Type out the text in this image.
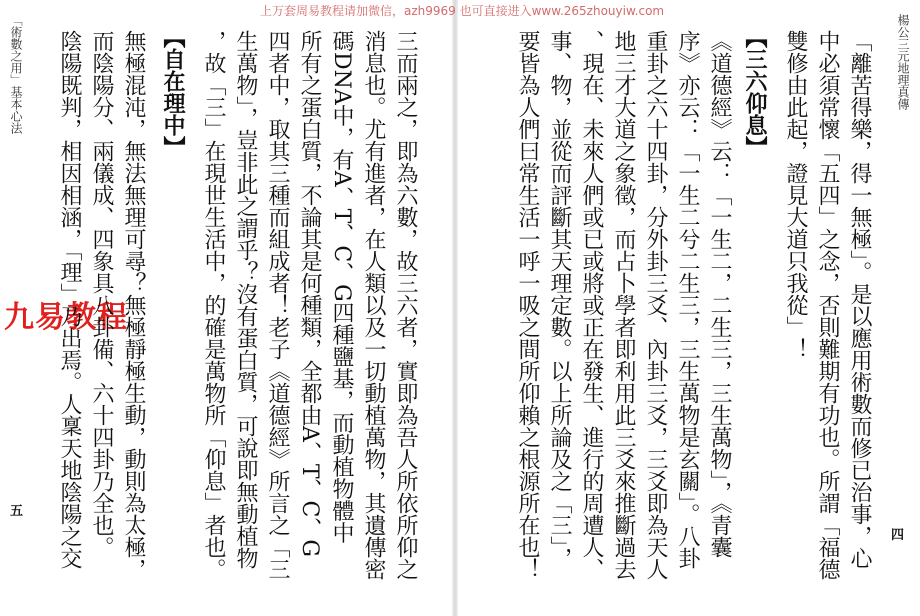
上万套周易教程请加微信，azh9969 也可直接进入www.265zhouyiw.com
九易教程
楊公三元地理真傳
四
「離苦得樂，得一無極」。是以應用術數而修已治事，心
中必須常懷「五四」之念，否則難期有功也。所謂「福德
雙修由此起，證見大道只我從」！
【三六仰息】
《道德經》云：「一生二，二生三，三生萬物」，《青囊
序》亦云：「一生二兮二生三，三生萬物是玄關」。八卦
重卦之六十四卦，分外卦三爻、內卦三爻，三爻即為天人
地三才大道之象徵，而占卜學者即利用此三爻來推斷過去
、現在、未來人們或已或將或正在發生、進行的周遭人、
事、物，並從而評斷其天理定數。以上所論及之「三」，
要皆為人們曰常生活一呼一吸之間所仰賴之根源所在也！
三而兩之，即為六數，故三六者，實即為吾人所依所仰之
消息也。尤有進者，在人類以及一切動植萬物，其遺傳密
碼DNA中，有A、T、C、G四種鹽基，而動植物體中
所有之蛋白質，不論其是何種類，全都由A、T、C、G
四者中，取其三種而組成者！老子《道德經》所言之「三
生萬物」，豈非此之謂乎？沒有蛋白質，可說即無動植物
，故「三」在現世生活中，的確是萬物所「仰息」者也。
【自在理中】
無極混沌，無法無理可尋？無極靜極生動，動則為太極，
而陰陽分、兩儀成、四象具八卦備、六十四卦乃全也。
陰陽既判，相因相涵，「理」乃出焉。人稟天地陰陽之交
「術數之用」基本心法
五
